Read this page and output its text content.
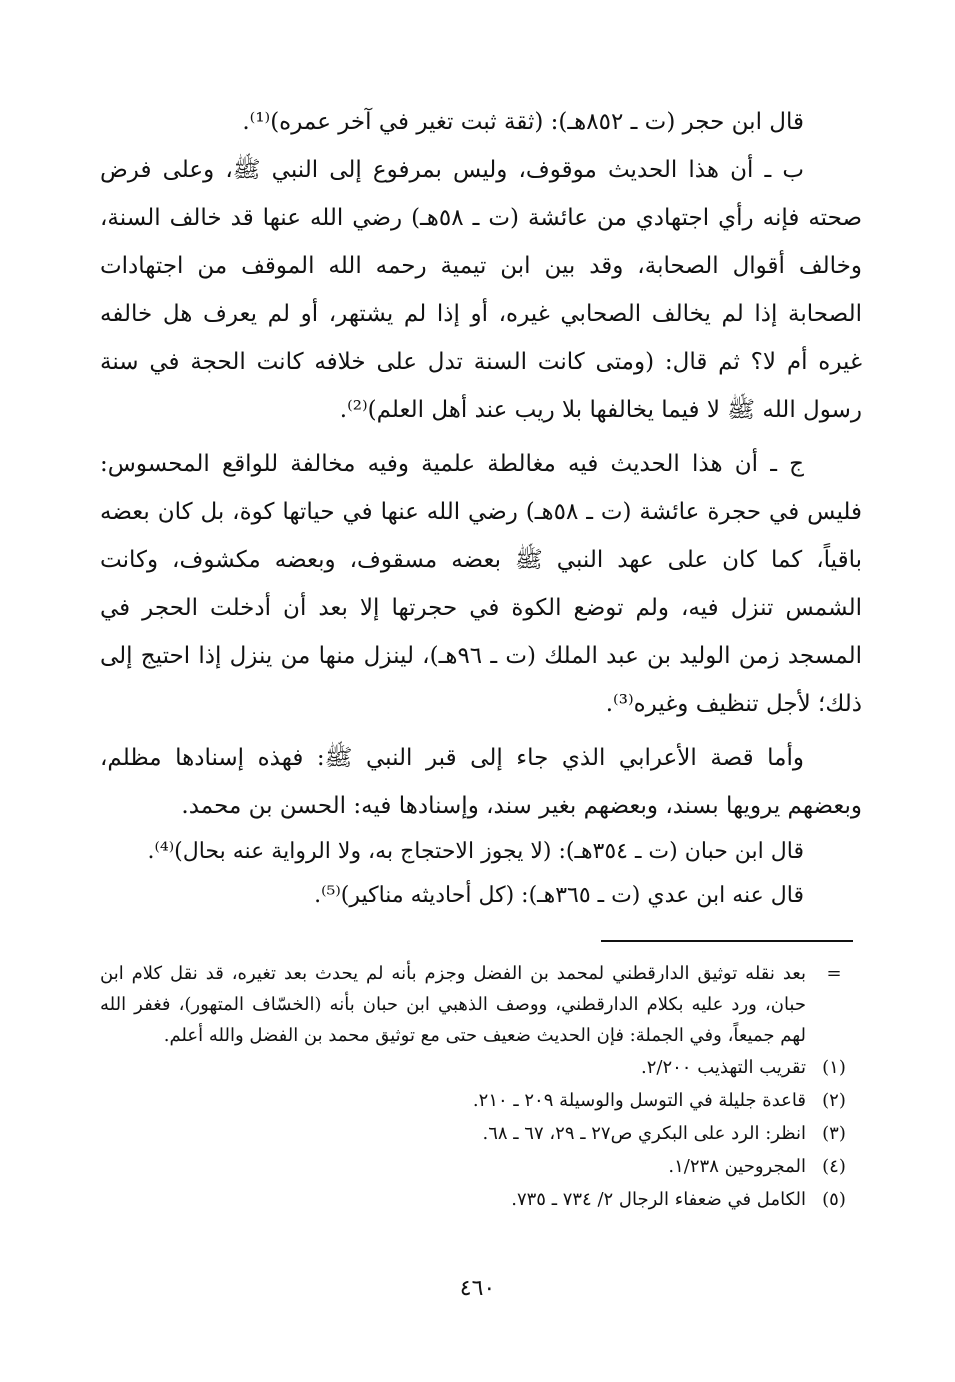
قال ابن حجر (ت ـ ٨٥٢هـ): (ثقة ثبت تغير في آخر عمره)⁽¹⁾.

ب ـ أن هذا الحديث موقوف، وليس بمرفوع إلى النبي ﷺ، وعلى فرض صحته فإنه رأي اجتهادي من عائشة (ت ـ ٥٨هـ) رضي الله عنها قد خالف السنة، وخالف أقوال الصحابة، وقد بين ابن تيمية رحمه الله الموقف من اجتهادات الصحابة إذا لم يخالف الصحابي غيره، أو إذا لم يشتهر، أو لم يعرف هل خالفه غيره أم لا؟ ثم قال: (ومتى كانت السنة تدل على خلافه كانت الحجة في سنة رسول الله ﷺ لا فيما يخالفها بلا ريب عند أهل العلم)⁽²⁾.

ج ـ أن هذا الحديث فيه مغالطة علمية وفيه مخالفة للواقع المحسوس: فليس في حجرة عائشة (ت ـ ٥٨هـ) رضي الله عنها في حياتها كوة، بل كان بعضه باقياً، كما كان على عهد النبي ﷺ بعضه مسقوف، وبعضه مكشوف، وكانت الشمس تنزل فيه، ولم توضع الكوة في حجرتها إلا بعد أن أدخلت الحجر في المسجد زمن الوليد بن عبد الملك (ت ـ ٩٦هـ)، لينزل منها من ينزل إذا احتيج إلى ذلك؛ لأجل تنظيف وغيره⁽³⁾.

وأما قصة الأعرابي الذي جاء إلى قبر النبي ﷺ: فهذه إسنادها مظلم، وبعضهم يرويها بسند، وبعضهم بغير سند، وإسنادها فيه: الحسن بن محمد.

قال ابن حبان (ت ـ ٣٥٤هـ): (لا يجوز الاحتجاج به، ولا الرواية عنه بحال)⁽⁴⁾.

قال عنه ابن عدي (ت ـ ٣٦٥هـ): (كل أحاديثه مناكير)⁽⁵⁾.

=
بعد نقله توثيق الدارقطني لمحمد بن الفضل وجزم بأنه لم يحدث بعد تغيره، قد نقل كلام ابن حبان، ورد عليه بكلام الدارقطني، ووصف الذهبي ابن حبان بأنه (الخسّاف المتهور)، فغفر الله لهم جميعاً، وفي الجملة: فإن الحديث ضعيف حتى مع توثيق محمد بن الفضل والله أعلم.
(١)
تقريب التهذيب ٢/٢٠٠.
(٢)
قاعدة جليلة في التوسل والوسيلة ٢٠٩ ـ ٢١٠.
(٣)
انظر: الرد على البكري ص٢٧ ـ ٢٩، ٦٧ ـ ٦٨.
(٤)
المجروحين ١/٢٣٨.
(٥)
الكامل في ضعفاء الرجال ٢/ ٧٣٤ ـ ٧٣٥.
٤٦٠
